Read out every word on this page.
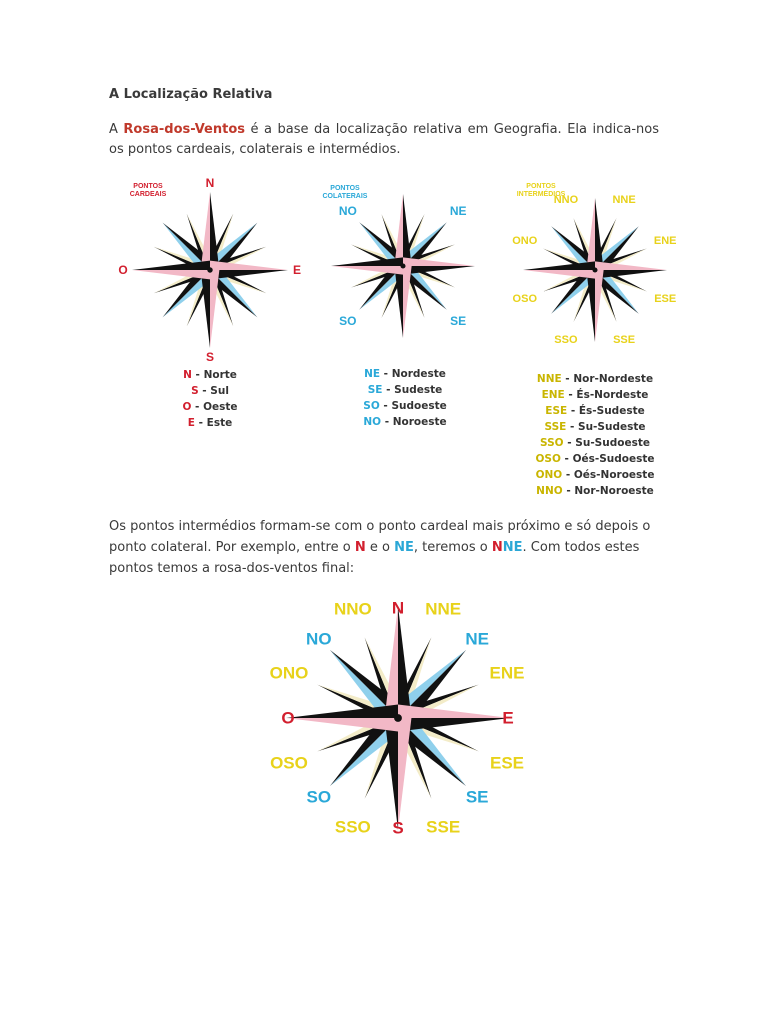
A Localização Relativa
A Rosa-dos-Ventos é a base da localização relativa em Geografia. Ela indica-nos os pontos cardeais, colaterais e intermédios.
PONTOS
CARDEAIS
N
E
S
O
PONTOS
COLATERAIS
NE
SE
SO
NO
PONTOS
INTERMÉDIOS	NNE
ENE
ESE
SSE
SSO
OSO
ONO
NNO
N NNE
NE
ENE
E
ESE
SE
SSE
S
SSO
SO
OSO
O
ONO
NO
NNO
N - Norte
S - Sul
O - Oeste
E - Este
NE - Nordeste
SE - Sudeste
SO - Sudoeste
NO - Noroeste
NNE - Nor-Nordeste
ENE - És-Nordeste
ESE - És-Sudeste
SSE - Su-Sudeste
SSO - Su-Sudoeste
OSO - Oés-Sudoeste
ONO - Oés-Noroeste
NNO - Nor-Noroeste
Os pontos intermédios formam-se com o ponto cardeal mais próximo e só depois o ponto colateral. Por exemplo, entre o N e o NE, teremos o NNE. Com todos estes pontos temos a rosa-dos-ventos final:
